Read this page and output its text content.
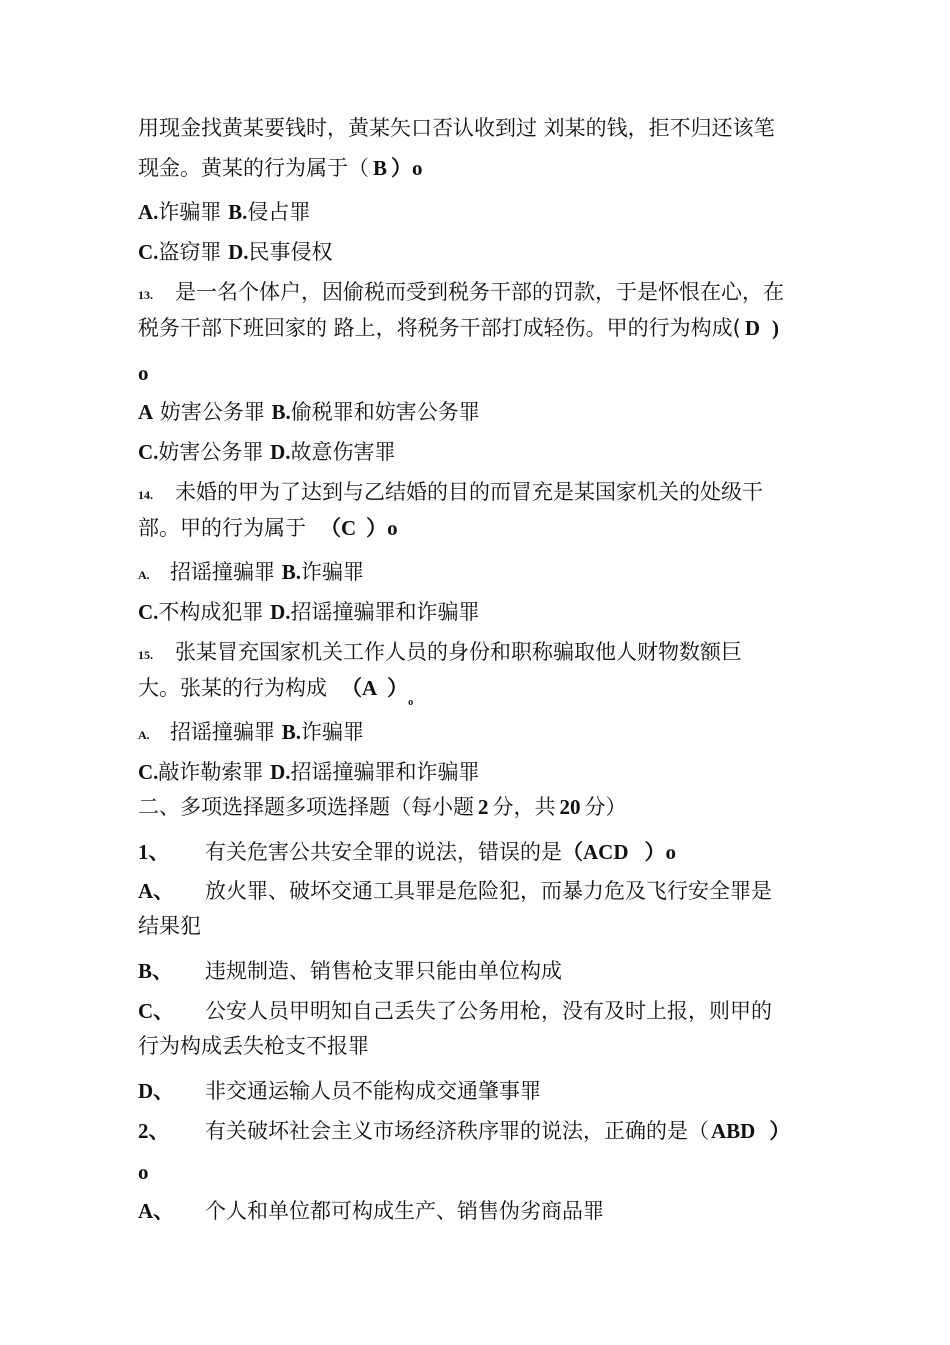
用现金找黄某要钱时，黄某矢口否认收到过 刘某的钱，拒不归还该笔
现金。黄某的行为属于（ B ）o
A.诈骗罪 B.侵占罪
C.盗窃罪 D.民事侵权
13. 是一名个体户，因偷税而受到税务干部的罚款，于是怀恨在心，在
税务干部下班回家的 路上，将税务干部打成轻伤。甲的行为构成( D )
o
A 妨害公务罪 B.偷税罪和妨害公务罪
C.妨害公务罪 D.故意伤害罪
14. 未婚的甲为了达到与乙结婚的目的而冒充是某国家机关的处级干
部。甲的行为属于 （C ）o
A. 招谣撞骗罪 B.诈骗罪
C.不构成犯罪 D.招谣撞骗罪和诈骗罪
15. 张某冒充国家机关工作人员的身份和职称骗取他人财物数额巨
大。张某的行为构成 （A ）$_o$
A. 招谣撞骗罪 B.诈骗罪
C.敲诈勒索罪 D.招谣撞骗罪和诈骗罪
二、多项选择题多项选择题（每小题 2 分，共 20 分）
1、 有关危害公共安全罪的说法，错误的是（ACD ）o
A、 放火罪、破坏交通工具罪是危险犯，而暴力危及飞行安全罪是
结果犯
B、 违规制造、销售枪支罪只能由单位构成
C、 公安人员甲明知自己丢失了公务用枪，没有及时上报，则甲的
行为构成丢失枪支不报罪
D、 非交通运输人员不能构成交通肇事罪
2、 有关破坏社会主义市场经济秩序罪的说法，正确的是（ABD ）
o
A、 个人和单位都可构成生产、销售伪劣商品罪
